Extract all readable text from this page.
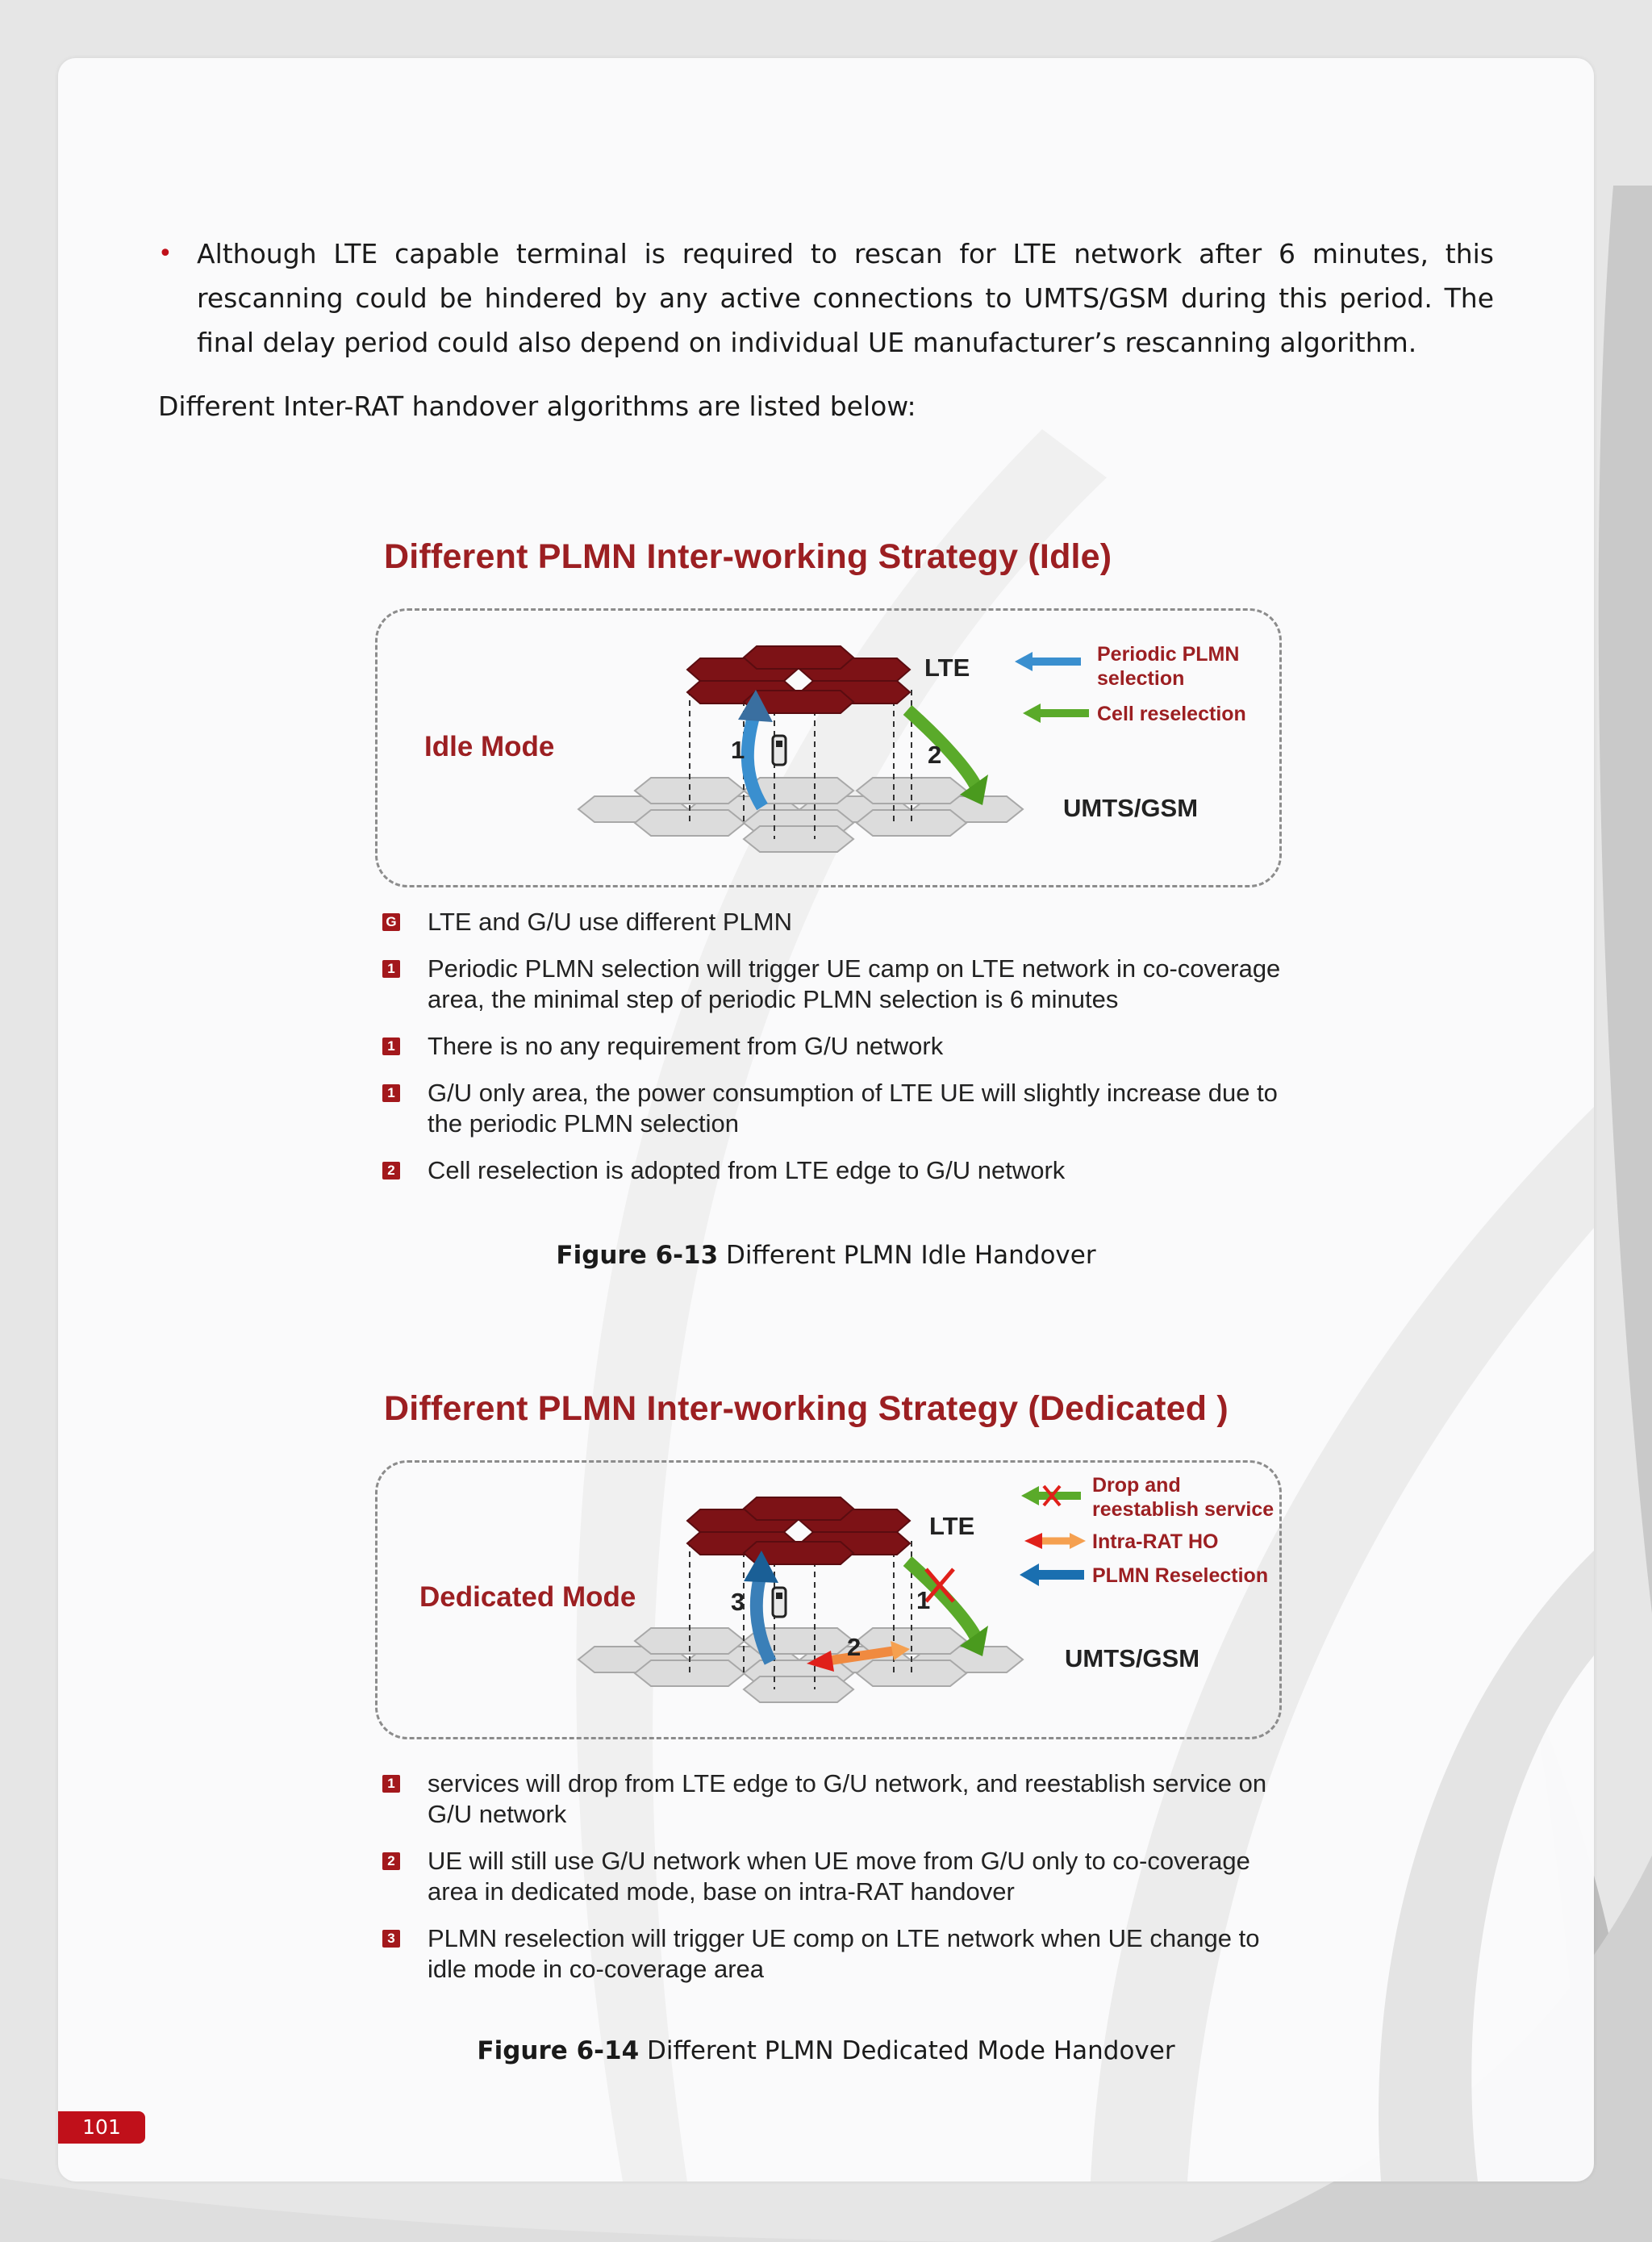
• Although LTE capable terminal is required to rescan for LTE network after 6 minutes, this rescanning could be hindered by any active connections to UMTS/GSM during this period. The final delay period could also depend on individual UE manufacturer’s rescanning algorithm.
Different Inter-RAT handover algorithms are listed below:
Different PLMN Inter-working Strategy (Idle)
Idle Mode
LTE
UMTS/GSM
1	2
Periodic PLMN selection
Cell reselection
G LTE and G/U use different PLMN
1 Periodic PLMN selection will trigger UE camp on LTE network in co-coverage area, the minimal step of periodic PLMN selection is 6 minutes
1 There is no any requirement from G/U network
1 G/U only area, the power consumption of LTE UE will slightly increase due to the periodic PLMN selection
2 Cell reselection is adopted from LTE edge to G/U network
Figure 6-13 Different PLMN Idle Handover
Different PLMN Inter-working Strategy (Dedicated )
Dedicated Mode
LTE
UMTS/GSM
1
2
3
Drop and reestablish service
Intra-RAT HO
PLMN Reselection
1 services will drop from LTE edge to G/U network, and reestablish service on G/U network
2 UE will still use G/U network when UE move from G/U only to co-coverage area in dedicated mode, base on intra-RAT handover
3 PLMN reselection will trigger UE comp on LTE network when UE change to idle mode in co-coverage area
Figure 6-14 Different PLMN Dedicated Mode Handover
101
